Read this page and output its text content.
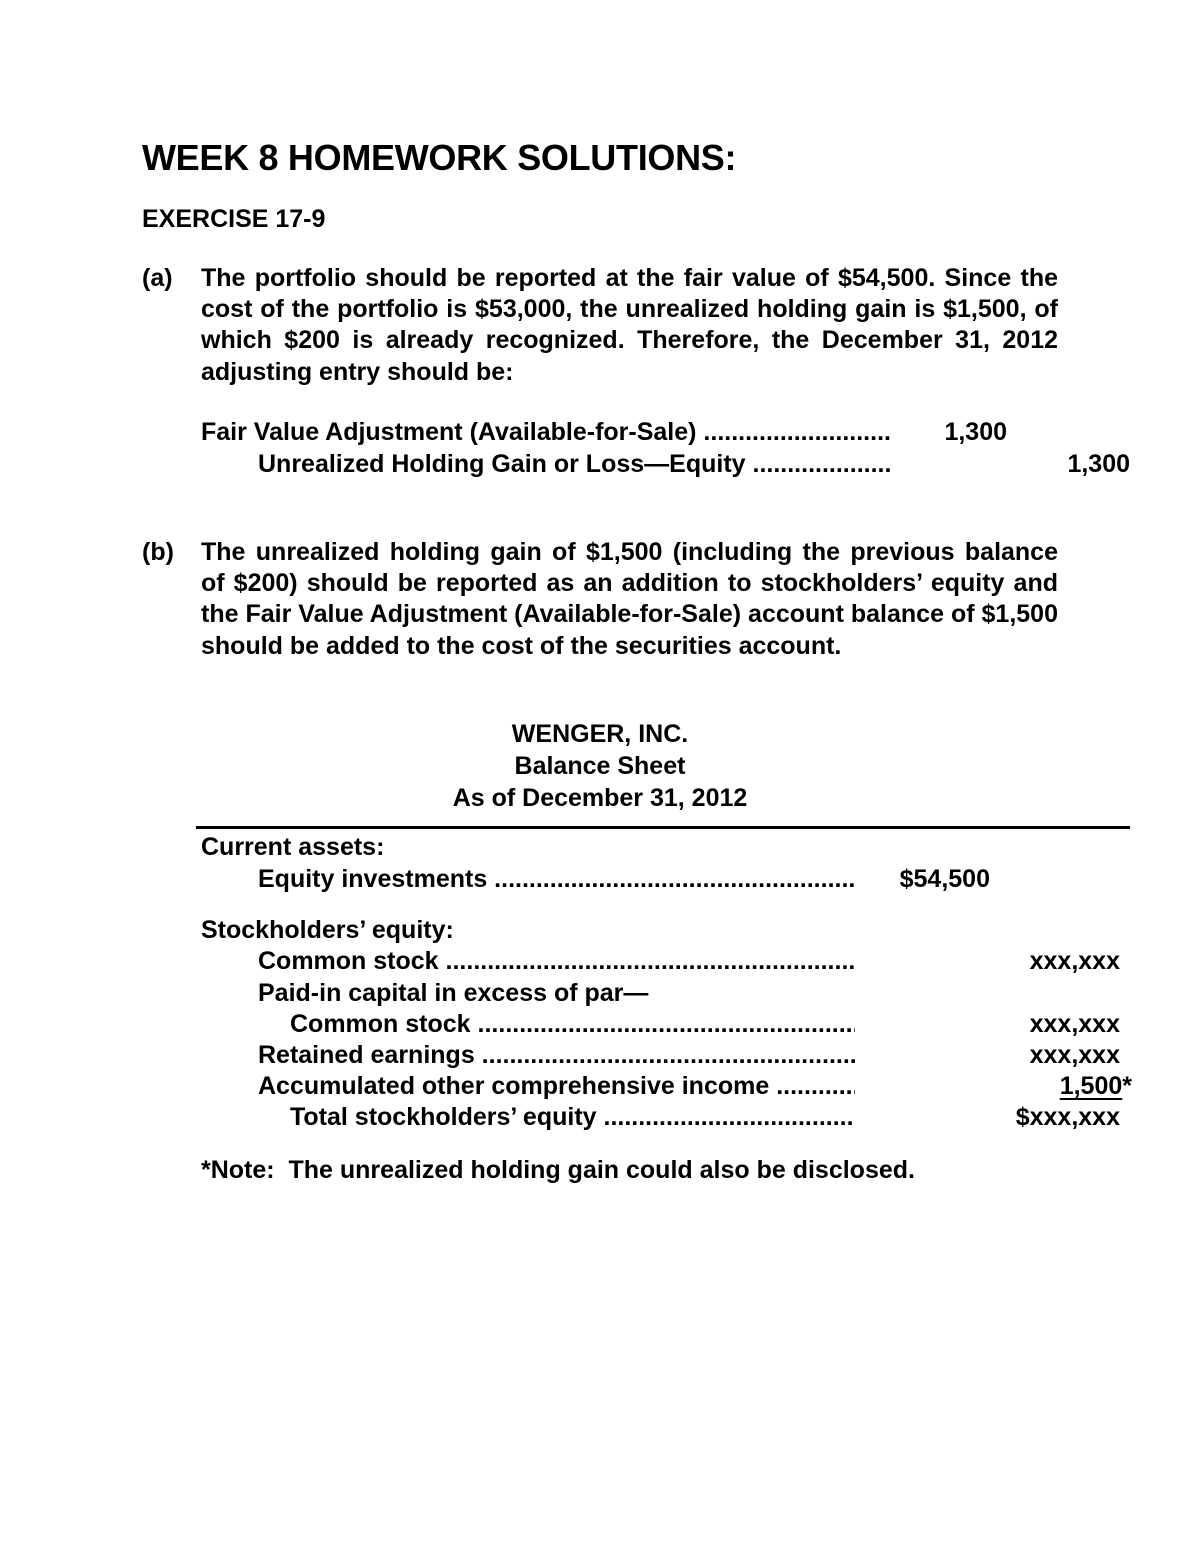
WEEK 8 HOMEWORK SOLUTIONS:
EXERCISE 17-9
(a) The portfolio should be reported at the fair value of $54,500. Since the cost of the portfolio is $53,000, the unrealized holding gain is $1,500, of which $200 is already recognized. Therefore, the December 31, 2012 adjusting entry should be:
Fair Value Adjustment (Available-for-Sale) .....	1,300
Unrealized Holding Gain or Loss—Equity .....	1,300
(b) The unrealized holding gain of $1,500 (including the previous balance of $200) should be reported as an addition to stockholders’ equity and the Fair Value Adjustment (Available-for-Sale) account balance of $1,500 should be added to the cost of the securities account.
WENGER, INC.
Balance Sheet
As of December 31, 2012
Current assets:
Equity investments .....	$54,500
Stockholders’ equity:
Common stock .....	xxx,xxx
Paid-in capital in excess of par—
Common stock .....	xxx,xxx
Retained earnings .....	xxx,xxx
Accumulated other comprehensive income .....	1,500*
Total stockholders’ equity .....	$xxx,xxx
*Note:  The unrealized holding gain could also be disclosed.
